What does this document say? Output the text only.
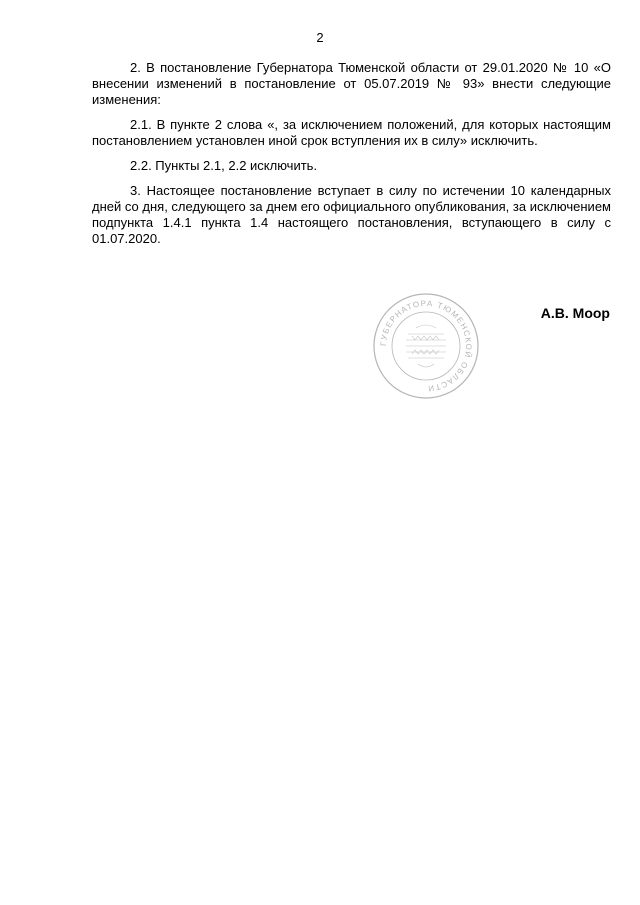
2

2. В постановление Губернатора Тюменской области от 29.01.2020 № 10 «О внесении изменений в постановление от 05.07.2019 № 93» внести следующие изменения:

2.1. В пункте 2 слова «, за исключением положений, для которых настоящим постановлением установлен иной срок вступления их в силу» исключить.

2.2. Пункты 2.1, 2.2 исключить.

3. Настоящее постановление вступает в силу по истечении 10 календарных дней со дня, следующего за днем его официального опубликования, за исключением подпункта 1.4.1 пункта 1.4 настоящего постановления, вступающего в силу с 01.07.2020.

ГУБЕРНАТОРА ТЮМЕНСКОЙ ОБЛАСТИ
А.В. Моор
